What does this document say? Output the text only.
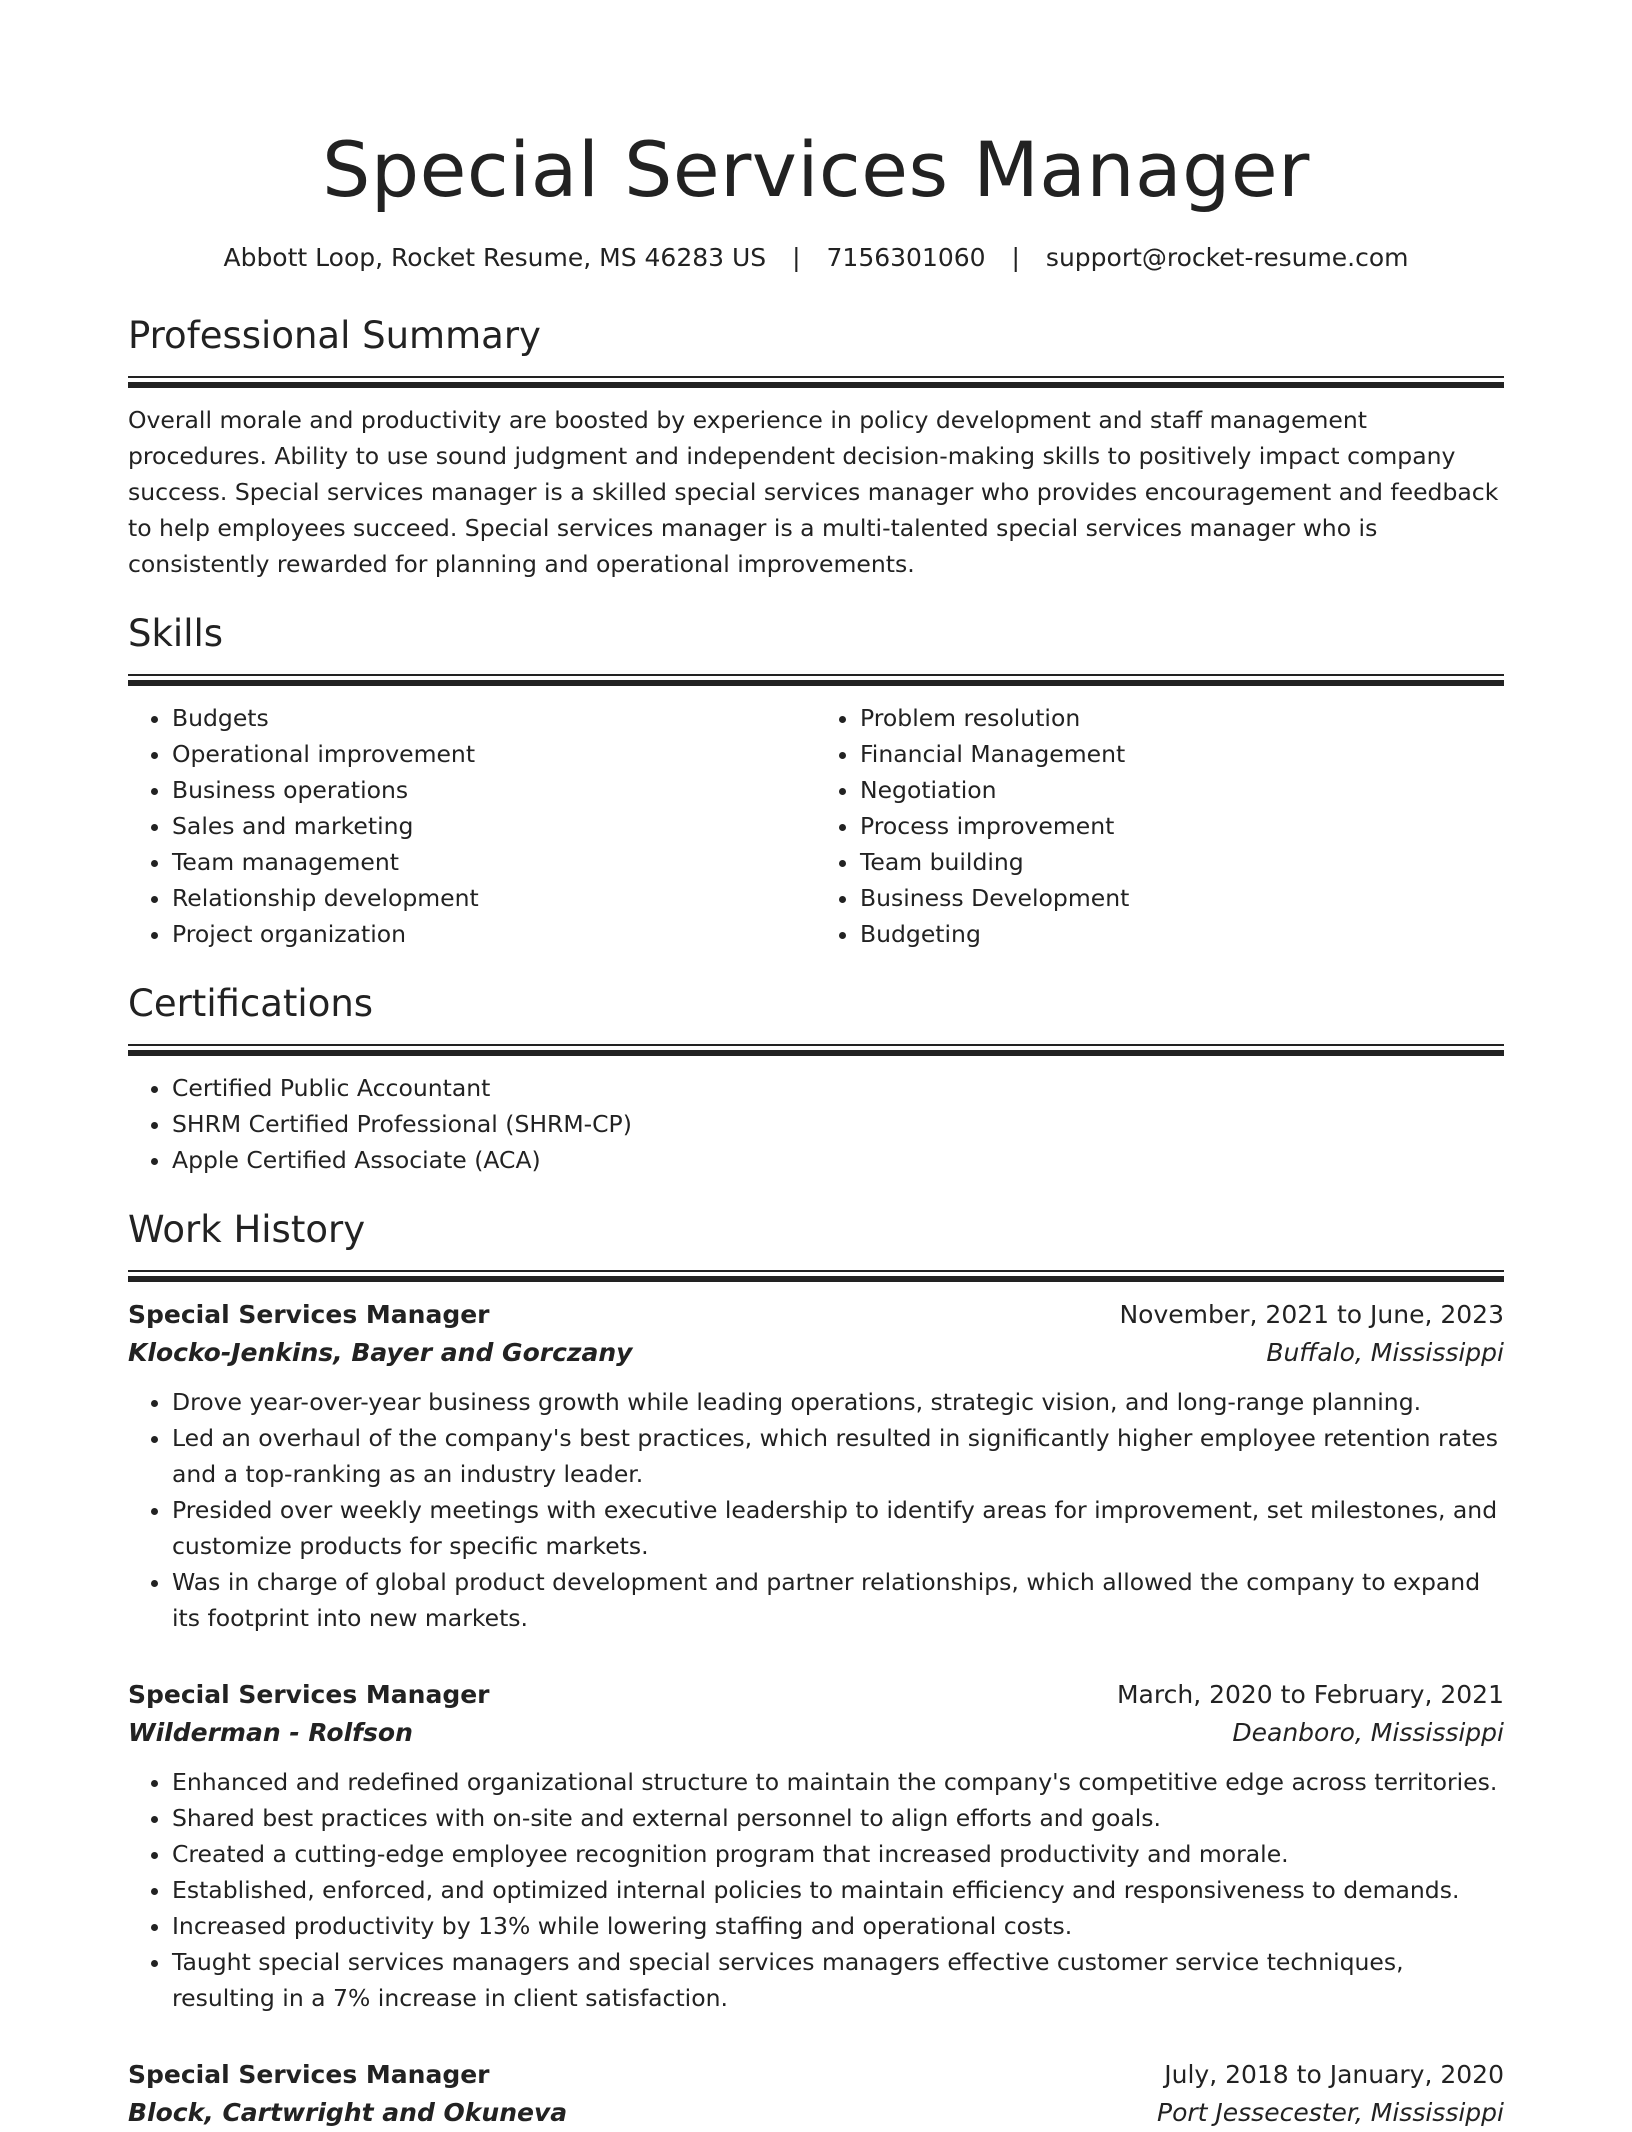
Special Services Manager
Abbott Loop, Rocket Resume, MS 46283 US | 7156301060 | support@rocket-resume.com
Professional Summary

Overall morale and productivity are boosted by experience in policy development and staff management procedures. Ability to use sound judgment and independent decision-making skills to positively impact company success. Special services manager is a skilled special services manager who provides encouragement and feedback to help employees succeed. Special services manager is a multi-talented special services manager who is consistently rewarded for planning and operational improvements.

Skills
• Budgets
• Operational improvement
• Business operations
• Sales and marketing
• Team management
• Relationship development
• Project organization
• Problem resolution
• Financial Management
• Negotiation
• Process improvement
• Team building
• Business Development
• Budgeting
Certifications
• Certified Public Accountant
• SHRM Certified Professional (SHRM-CP)
• Apple Certified Associate (ACA)
Work History
Special Services Manager	November, 2021 to June, 2023
Klocko-Jenkins, Bayer and Gorczany	Buffalo, Mississippi
• Drove year-over-year business growth while leading operations, strategic vision, and long-range planning.
• Led an overhaul of the company's best practices, which resulted in significantly higher employee retention rates and a top-ranking as an industry leader.
• Presided over weekly meetings with executive leadership to identify areas for improvement, set milestones, and customize products for specific markets.
• Was in charge of global product development and partner relationships, which allowed the company to expand its footprint into new markets.
Special Services Manager	March, 2020 to February, 2021
Wilderman - Rolfson	Deanboro, Mississippi
• Enhanced and redefined organizational structure to maintain the company's competitive edge across territories.
• Shared best practices with on-site and external personnel to align efforts and goals.
• Created a cutting-edge employee recognition program that increased productivity and morale.
• Established, enforced, and optimized internal policies to maintain efficiency and responsiveness to demands.
• Increased productivity by 13% while lowering staffing and operational costs.
• Taught special services managers and special services managers effective customer service techniques, resulting in a 7% increase in client satisfaction.
Special Services Manager	July, 2018 to January, 2020
Block, Cartwright and Okuneva	Port Jessecester, Mississippi
